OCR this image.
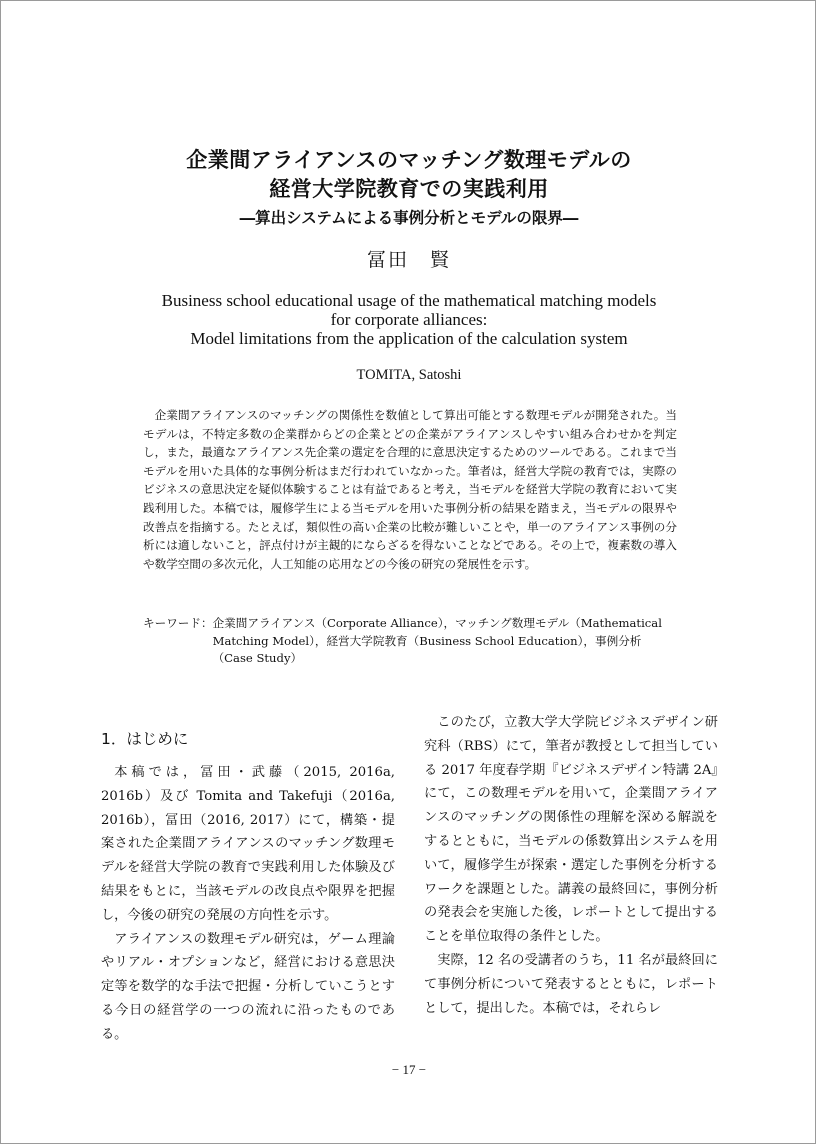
企業間アライアンスのマッチング数理モデルの
経営大学院教育での実践利用
―算出システムによる事例分析とモデルの限界―
冨田　賢
Business school educational usage of the mathematical matching models
for corporate alliances:
Model limitations from the application of the calculation system
TOMITA, Satoshi

企業間アライアンスのマッチングの関係性を数値として算出可能とする数理モデルが開発された。当モデルは，不特定多数の企業群からどの企業とどの企業がアライアンスしやすい組み合わせかを判定し，また，最適なアライアンス先企業の選定を合理的に意思決定するためのツールである。これまで当モデルを用いた具体的な事例分析はまだ行われていなかった。筆者は，経営大学院の教育では，実際のビジネスの意思決定を疑似体験することは有益であると考え，当モデルを経営大学院の教育において実践利用した。本稿では，履修学生による当モデルを用いた事例分析の結果を踏まえ，当モデルの限界や改善点を指摘する。たとえば，類似性の高い企業の比較が難しいことや，単一のアライアンス事例の分析には適しないこと，評点付けが主観的にならざるを得ないことなどである。その上で，複素数の導入や数学空間の多次元化，人工知能の応用などの今後の研究の発展性を示す。

キーワード： 企業間アライアンス（Corporate Alliance），マッチング数理モデル（Mathematical Matching Model），経営大学院教育（Business School Education），事例分析（Case Study）
1．はじめに

本稿では，冨田・武藤（2015, 2016a, 2016b）及び Tomita and Takefuji（2016a, 2016b），冨田（2016, 2017）にて，構築・提案された企業間アライアンスのマッチング数理モデルを経営大学院の教育で実践利用した体験及び結果をもとに，当該モデルの改良点や限界を把握し，今後の研究の発展の方向性を示す。

アライアンスの数理モデル研究は，ゲーム理論やリアル・オプションなど，経営における意思決定等を数学的な手法で把握・分析していこうとする今日の経営学の一つの流れに沿ったものである。

このたび，立教大学大学院ビジネスデザイン研究科（RBS）にて，筆者が教授として担当している 2017 年度春学期『ビジネスデザイン特講 2A』にて，この数理モデルを用いて，企業間アライアンスのマッチングの関係性の理解を深める解説をするとともに，当モデルの係数算出システムを用いて，履修学生が探索・選定した事例を分析するワークを課題とした。講義の最終回に，事例分析の発表会を実施した後，レポートとして提出することを単位取得の条件とした。

実際，12 名の受講者のうち，11 名が最終回にて事例分析について発表するとともに，レポートとして，提出した。本稿では，それらレ

− 17 −
